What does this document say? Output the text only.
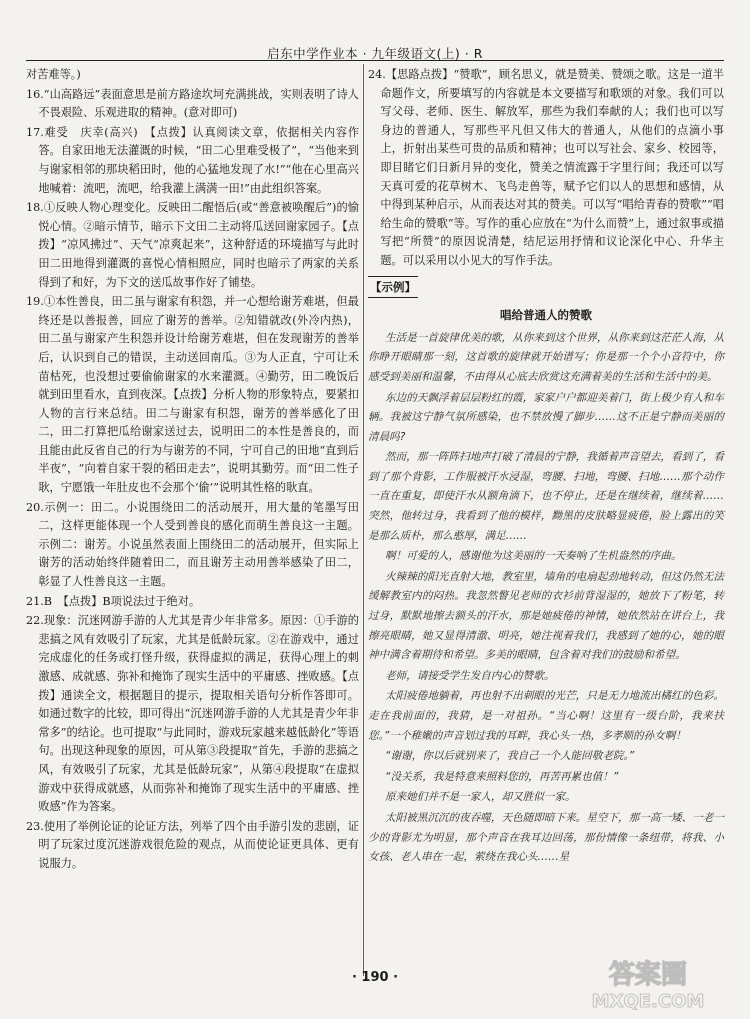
启东中学作业本 · 九年级语文(上) · R

对苦难等。)

16.“山高路远”表面意思是前方路途坎坷充满挑战，实则表明了诗人不畏艰险、乐观进取的精神。(意对即可)

17.难受　庆幸(高兴)　【点拨】认真阅读文章，依据相关内容作答。自家田地无法灌溉的时候，“田二心里难受极了”，“当他来到与谢家相邻的那块稻田时，他的心猛地发现了水!”“他在心里高兴地喊着：流吧，流吧，给我灌上满满一田!”由此组织答案。

18.①反映人物心理变化。反映田二醒悟后(或“善意被唤醒后”)的愉悦心情。②暗示情节，暗示下文田二主动将瓜送回谢家园子。【点拨】“凉风拂过”、天气“凉爽起来”，这种舒适的环境描写与此时田二田地得到灌溉的喜悦心情相照应，同时也暗示了两家的关系得到了和好，为下文的送瓜故事作好了铺垫。

19.①本性善良，田二虽与谢家有积怨，并一心想给谢芳难堪，但最终还是以善报善，回应了谢芳的善举。②知错就改(外冷内热)，田二虽与谢家产生积怨并设计给谢芳难堪，但在发现谢芳的善举后，认识到自己的错误，主动送回南瓜。③为人正直，宁可让禾苗枯死，也没想过要偷偷谢家的水来灌溉。④勤劳，田二晚饭后就到田里看水，直到夜深。【点拨】分析人物的形象特点，要紧扣人物的言行来总结。田二与谢家有积怨，谢芳的善举感化了田二，田二打算把瓜给谢家送过去，说明田二的本性是善良的，而且能由此反省自己的行为与谢芳的不同，宁可自己的田地“直到后半夜”，“向着自家干裂的稻田走去”，说明其勤劳。而“田二性子耿，宁愿饿一年肚皮也不会那个‘偷’”说明其性格的耿直。

20.示例一：田二。小说围绕田二的活动展开，用大量的笔墨写田二，这样更能体现一个人受到善良的感化而萌生善良这一主题。示例二：谢芳。小说虽然表面上围绕田二的活动展开，但实际上谢芳的活动始终伴随着田二，而且谢芳主动用善举感染了田二，彰显了人性善良这一主题。

21.B　【点拨】B项说法过于绝对。

22.现象：沉迷网游手游的人尤其是青少年非常多。原因：①手游的悲搞之风有效吸引了玩家，尤其是低龄玩家。②在游戏中，通过完成虚化的任务或打怪升级，获得虚拟的满足，获得心理上的刺激感、成就感、弥补和掩饰了现实生活中的平庸感、挫败感。【点拨】通读全文，根据题目的提示，提取相关语句分析作答即可。如通过数字的比较，即可得出“沉迷网游手游的人尤其是青少年非常多”的结论。也可提取“与此同时，游戏玩家越来越低龄化”等语句。出现这种现象的原因，可从第③段提取“首先，手游的悲搞之风，有效吸引了玩家，尤其是低龄玩家”，从第④段提取“在虚拟游戏中获得成就感，从而弥补和掩饰了现实生活中的平庸感、挫败感”作为答案。

23.使用了举例论证的论证方法，列举了四个由手游引发的悲剧，证明了玩家过度沉迷游戏很危险的观点，从而使论证更具体、更有说服力。

24.【思路点拨】“赞歌”，顾名思义，就是赞美、赞颂之歌。这是一道半命题作文，所要填写的内容就是本文要描写和歌颂的对象。我们可以写父母、老师、医生、解放军，那些为我们奉献的人；我们也可以写身边的普通人，写那些平凡但又伟大的普通人，从他们的点滴小事上，折射出某些可贵的品质和精神；也可以写社会、家乡、校园等，即目睹它们日新月异的变化，赞美之情流露于字里行间；我还可以写天真可爱的花草树木、飞鸟走兽等，赋予它们以人的思想和感情，从中得到某种启示，从而表达对其的赞美。可以写“唱给青春的赞歌”“唱给生命的赞歌”等。写作的重心应放在“为什么而赞”上，通过叙事或描写把“所赞”的原因说清楚，结尼运用抒情和议论深化中心、升华主题。可以采用以小见大的写作手法。

【示例】
唱给普通人的赞歌

生活是一首旋律优美的歌，从你来到这个世界，从你来到这茫茫人海，从你睁开眼睛那一刻，这首歌的旋律就开始谱写；你是那一个个小音符中，你感受到美丽和温馨，不由得从心底去欣赏这充满着美的生活和生活中的美。

东边的天飘浮着层层粉红的霞，家家户户都迎美着门，街上极少有人和车辆。我被这宁静气氛所感染，也不禁放慢了脚步……这不正是宁静而美丽的清晨吗?

然而，那一阵阵扫地声打破了清晨的宁静，我循着声音望去，看到了，看到了那个背影，工作服被汗水浸湿，弯腰、扫地，弯腰、扫地……那个动作一直在重复，即使汗水从额角滴下，也不停止，还是在继续着，继续着……突然，他转过身，我看到了他的模样，黝黑的皮肤略显疲倦，脸上露出的笑是那么质朴，那么憨厚，满足……

啊！可爱的人，感谢他为这美丽的一天奏响了生机盎然的序曲。

火辣辣的阳光直射大地，教室里，墙角的电扇起劲地转动，但这仍然无法缓解教室内的闷热。我忽然瞥见老师的衣衫前背湿湿的，她放下了粉笔，转过身，默默地擦去额头的汗水，那是她疲倦的神情，她依然站在讲台上，我擦亮眼睛，她又显得清澈、明亮，她注视着我们，我感到了她的心，她的眼神中满含着期待和希望。多美的眼睛，包含着对我们的鼓励和希望。

老师，请接受学生发自内心的赞歌。

太阳疲倦地躺着，再也射不出刺眼的光芒，只是无力地流出橘红的色彩。走在我前面的，我猜，是一对祖孙。“当心啊！这里有一级台阶，我来扶您。”一个稚嫩的声音划过我的耳畔，我心头一热，多孝顺的孙女啊！

“谢谢，你以后就别来了，我自己一个人能回敬老院。”

“没关系，我是特意来照料您的，再苦再累也值！”

原来她们并不是一家人，却又胜似一家。

太阳被黑沉沉的夜吞噬，天色随即暗下来。星空下，那一高一矮、一老一少的背影尤为明显，那个声音在我耳边回荡，那份情像一条纽带，将我、小女孩、老人串在一起，萦绕在我心头……星

· 190 ·	答案圈
MXQE.COM
